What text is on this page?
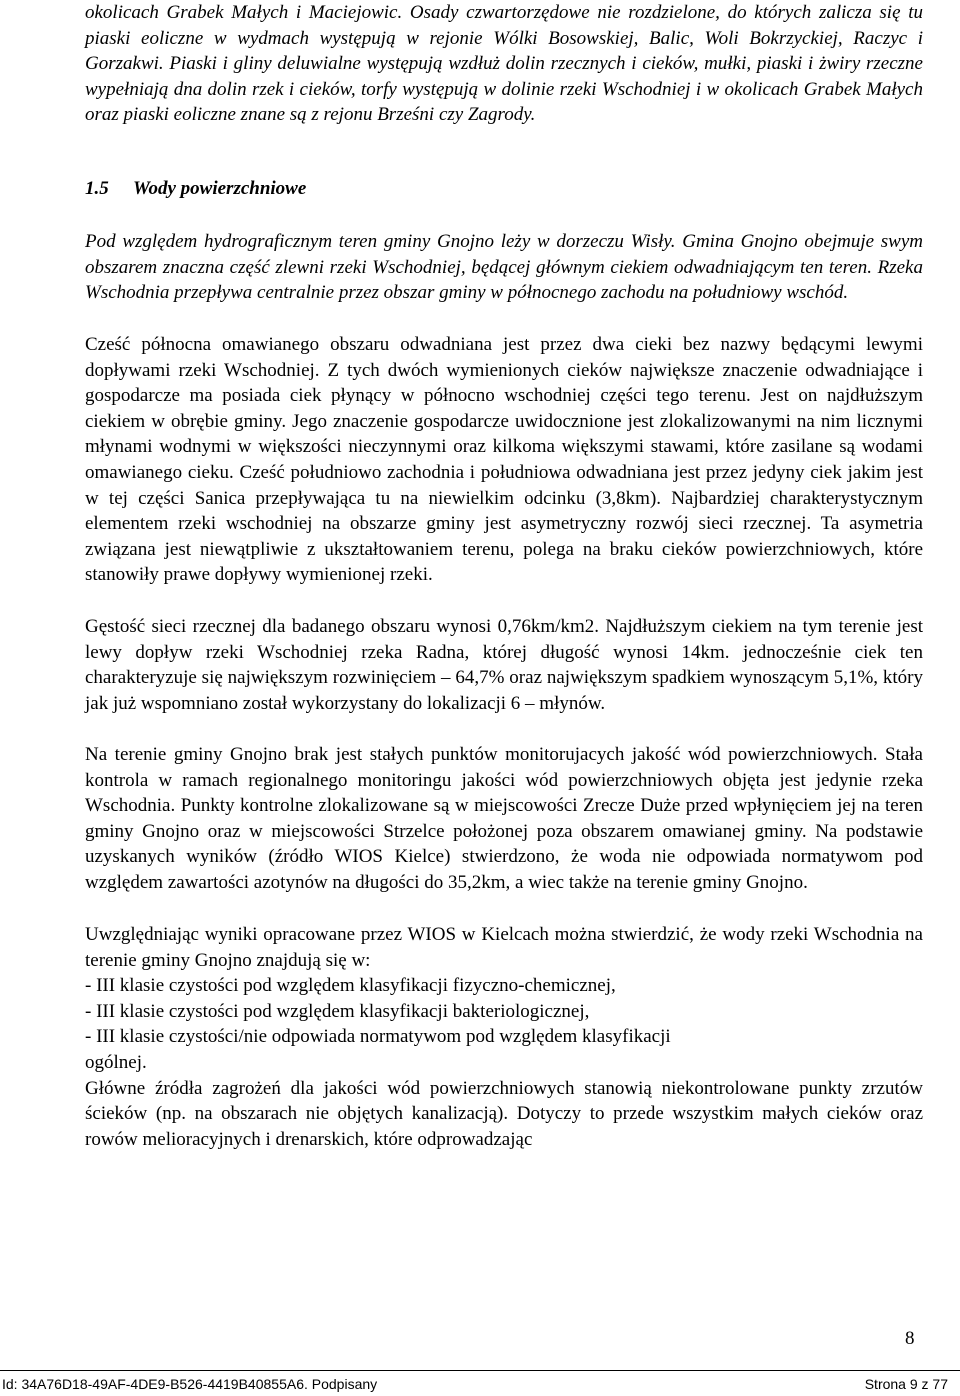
okolicach Grabek Małych i Maciejowic. Osady czwartorzędowe nie rozdzielone, do których zalicza się tu piaski eoliczne w wydmach występują w rejonie Wólki Bosowskiej, Balic, Woli Bokrzyckiej, Raczyc i Gorzakwi. Piaski i gliny deluwialne występują wzdłuż dolin rzecznych i cieków, mułki, piaski i żwiry rzeczne wypełniają dna dolin rzek i cieków, torfy występują w dolinie rzeki Wschodniej i w okolicach Grabek Małych oraz piaski eoliczne znane są z rejonu Brześni czy Zagrody.
1.5 Wody powierzchniowe
Pod względem hydrograficznym teren gminy Gnojno leży w dorzeczu Wisły. Gmina Gnojno obejmuje swym obszarem znaczna część zlewni rzeki Wschodniej, będącej głównym ciekiem odwadniającym ten teren. Rzeka Wschodnia przepływa centralnie przez obszar gminy w północnego zachodu na południowy wschód.
Cześć północna omawianego obszaru odwadniana jest przez dwa cieki bez nazwy będącymi lewymi dopływami rzeki Wschodniej. Z tych dwóch wymienionych cieków największe znaczenie odwadniające i gospodarcze ma posiada ciek płynący w północno wschodniej części tego terenu. Jest on najdłuższym ciekiem w obrębie gminy. Jego znaczenie gospodarcze uwidocznione jest zlokalizowanymi na nim licznymi młynami wodnymi w większości nieczynnymi oraz kilkoma większymi stawami, które zasilane są wodami omawianego cieku. Cześć południowo zachodnia i południowa odwadniana jest przez jedyny ciek jakim jest w tej części Sanica przepływająca tu na niewielkim odcinku (3,8km). Najbardziej charakterystycznym elementem rzeki wschodniej na obszarze gminy jest asymetryczny rozwój sieci rzecznej. Ta asymetria związana jest niewątpliwie z ukształtowaniem terenu, polega na braku cieków powierzchniowych, które stanowiły prawe dopływy wymienionej rzeki.
Gęstość sieci rzecznej dla badanego obszaru wynosi 0,76km/km2. Najdłuższym ciekiem na tym terenie jest lewy dopływ rzeki Wschodniej rzeka Radna, której długość wynosi 14km. jednocześnie ciek ten charakteryzuje się największym rozwinięciem – 64,7% oraz największym spadkiem wynoszącym 5,1%, który jak już wspomniano został wykorzystany do lokalizacji 6 – młynów.
Na terenie gminy Gnojno brak jest stałych punktów monitorujacych jakość wód powierzchniowych. Stała kontrola w ramach regionalnego monitoringu jakości wód powierzchniowych objęta jest jedynie rzeka Wschodnia. Punkty kontrolne zlokalizowane są w miejscowości Zrecze Duże przed wpłynięciem jej na teren gminy Gnojno oraz w miejscowości Strzelce położonej poza obszarem omawianej gminy. Na podstawie uzyskanych wyników (źródło WIOS Kielce) stwierdzono, że woda nie odpowiada normatywom pod względem zawartości azotynów na długości do 35,2km, a wiec także na terenie gminy Gnojno.
Uwzględniając wyniki opracowane przez WIOS w Kielcach można stwierdzić, że wody rzeki Wschodnia na terenie gminy Gnojno znajdują się w:
- III klasie czystości pod względem klasyfikacji fizyczno-chemicznej,
- III klasie czystości pod względem klasyfikacji bakteriologicznej,
- III klasie czystości/nie odpowiada normatywom pod względem klasyfikacji
ogólnej.
Główne źródła zagrożeń dla jakości wód powierzchniowych stanowią niekontrolowane punkty zrzutów ścieków (np. na obszarach nie objętych kanalizacją). Dotyczy to przede wszystkim małych cieków oraz rowów melioracyjnych i drenarskich, które odprowadzając
8
Id: 34A76D18-49AF-4DE9-B526-4419B40855A6. Podpisany	Strona 9 z 77
